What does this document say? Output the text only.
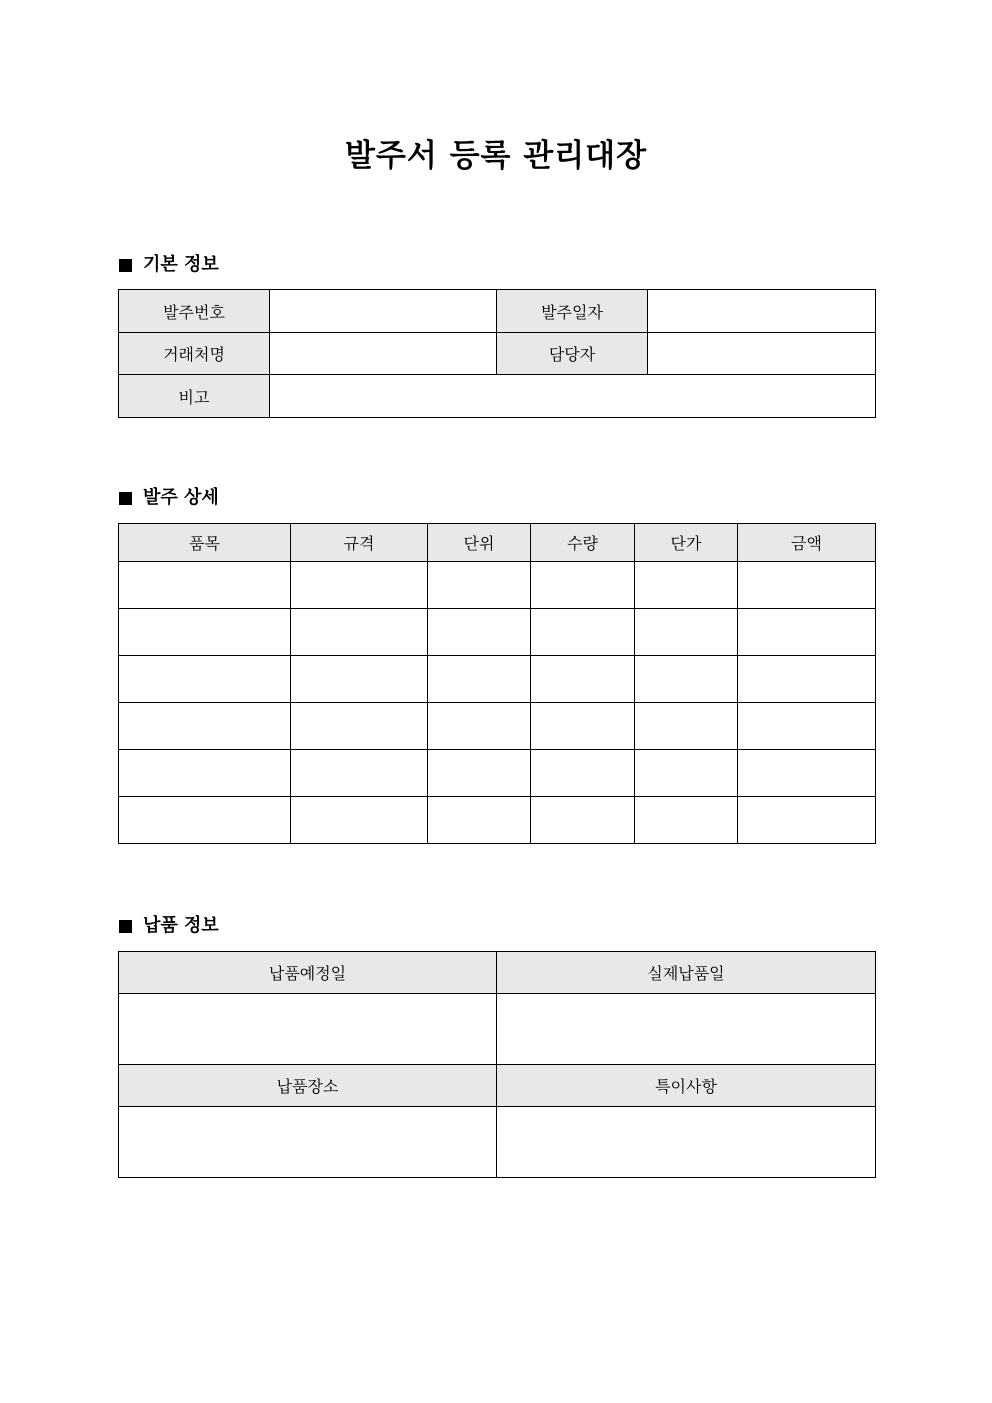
발주서 등록 관리대장
기본 정보
발주번호		발주일자	
거래처명		담당자	
비고			
발주 상세
품목	규격	단위	수량	단가	금액

납품 정보
납품예정일	실제납품일

납품장소	특이사항
